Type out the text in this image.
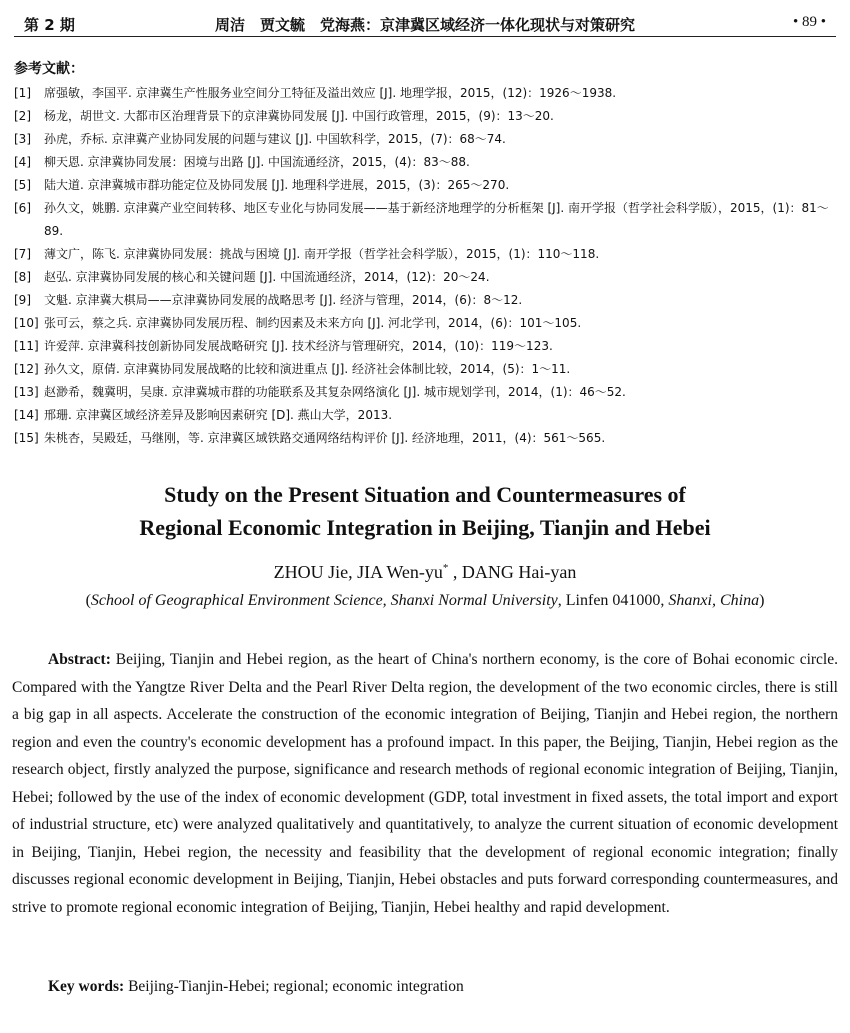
第 2 期	周洁　贾文毓　党海燕：京津冀区域经济一体化现状与对策研究	• 89 •
参考文献：
[1]	席强敏，李国平. 京津冀生产性服务业空间分工特征及溢出效应 [J]. 地理学报，2015，(12)：1926～1938.
[2]	杨龙，胡世文. 大都市区治理背景下的京津冀协同发展 [J]. 中国行政管理，2015，(9)：13～20.
[3]	孙虎，乔标. 京津冀产业协同发展的问题与建议 [J]. 中国软科学，2015，(7)：68～74.
[4]	柳天恩. 京津冀协同发展：困境与出路 [J]. 中国流通经济，2015，(4)：83～88.
[5]	陆大道. 京津冀城市群功能定位及协同发展 [J]. 地理科学进展，2015，(3)：265～270.
[6]	孙久文，姚鹏. 京津冀产业空间转移、地区专业化与协同发展——基于新经济地理学的分析框架 [J]. 南开学报（哲学社会科学版），2015，(1)：81～89.
[7]	薄文广，陈飞. 京津冀协同发展：挑战与困境 [J]. 南开学报（哲学社会科学版），2015，(1)：110～118.
[8]	赵弘. 京津冀协同发展的核心和关键问题 [J]. 中国流通经济，2014，(12)：20～24.
[9]	文魁. 京津冀大棋局——京津冀协同发展的战略思考 [J]. 经济与管理，2014，(6)：8～12.
[10] 张可云，蔡之兵. 京津冀协同发展历程、制约因素及未来方向 [J]. 河北学刊，2014，(6)：101～105.
[11] 许爱萍. 京津冀科技创新协同发展战略研究 [J]. 技术经济与管理研究，2014，(10)：119～123.
[12] 孙久文，原倩. 京津冀协同发展战略的比较和演进重点 [J]. 经济社会体制比较，2014，(5)：1～11.
[13] 赵渺希，魏冀明，吴康. 京津冀城市群的功能联系及其复杂网络演化 [J]. 城市规划学刊，2014，(1)：46～52.
[14] 邢珊. 京津冀区域经济差异及影响因素研究 [D]. 燕山大学，2013.
[15] 朱桃杏，吴殿廷，马继刚，等. 京津冀区域铁路交通网络结构评价 [J]. 经济地理，2011，(4)：561～565.
Study on the Present Situation and Countermeasures of
Regional Economic Integration in Beijing, Tianjin and Hebei
ZHOU Jie, JIA Wen-yu* , DANG Hai-yan
(School of Geographical Environment Science, Shanxi Normal University, Linfen 041000, Shanxi, China)

Abstract: Beijing, Tianjin and Hebei region, as the heart of China's northern economy, is the core of Bohai economic circle. Compared with the Yangtze River Delta and the Pearl River Delta region, the development of the two economic circles, there is still a big gap in all aspects. Accelerate the construction of the economic integration of Beijing, Tianjin and Hebei region, the northern region and even the country's economic development has a profound impact. In this paper, the Beijing, Tianjin, Hebei region as the research object, firstly analyzed the purpose, significance and research methods of regional economic integration of Beijing, Tianjin, Hebei; followed by the use of the index of economic development (GDP, total investment in fixed assets, the total import and export of industrial structure, etc) were analyzed qualitatively and quantitatively, to analyze the current situation of economic development in Beijing, Tianjin, Hebei region, the necessity and feasibility that the development of regional economic integration; finally discusses regional economic development in Beijing, Tianjin, Hebei obstacles and puts forward corresponding countermeasures, and strive to promote regional economic integration of Beijing, Tianjin, Hebei healthy and rapid development.

Key words: Beijing-Tianjin-Hebei; regional; economic integration
